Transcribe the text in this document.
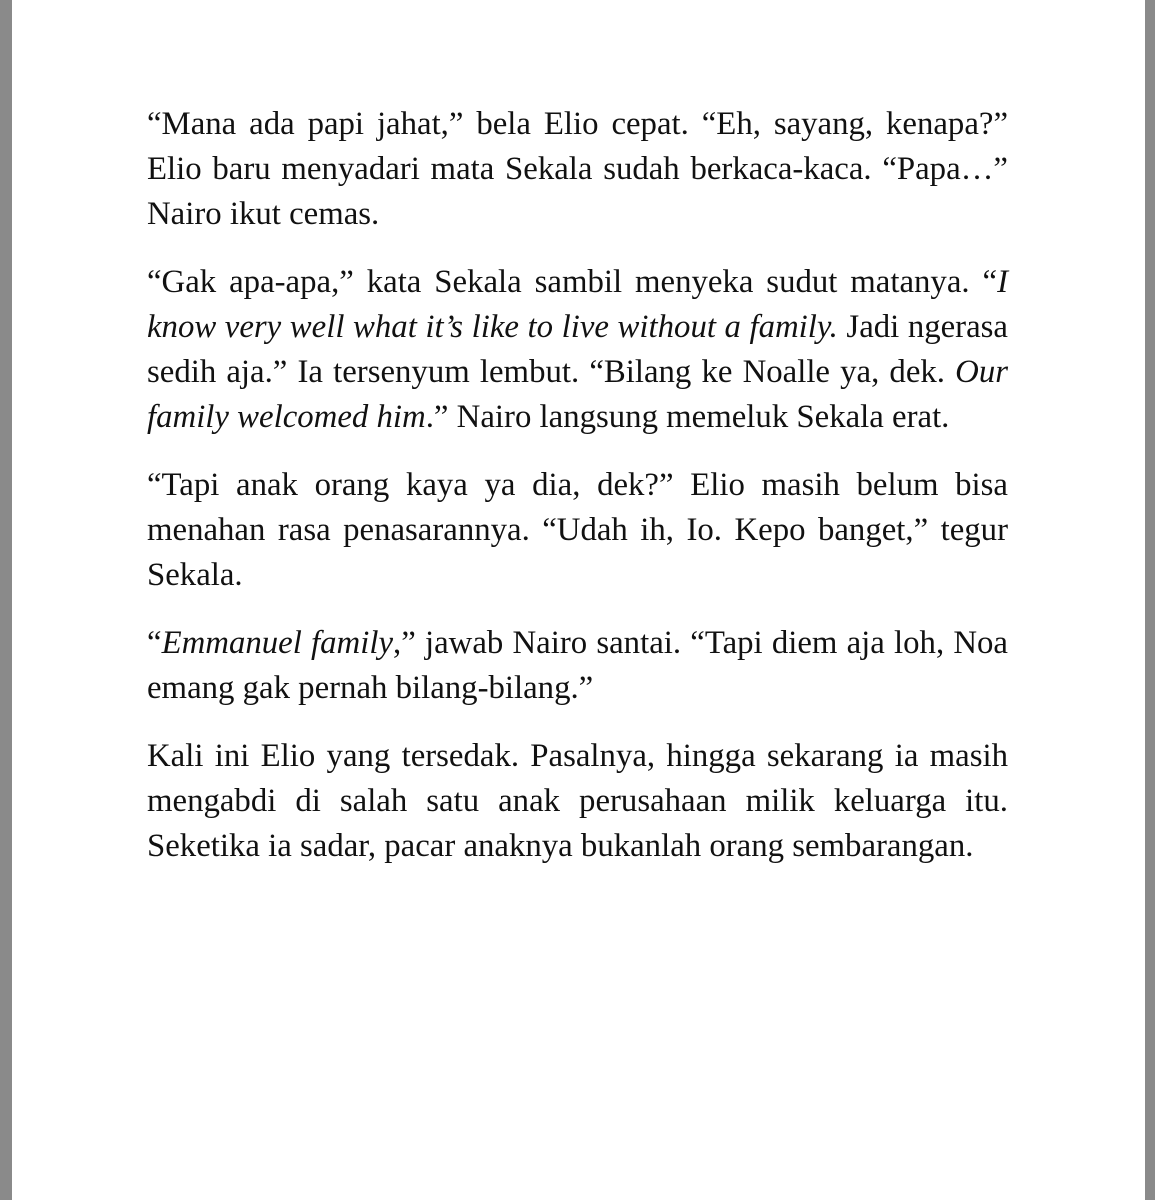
“Mana ada papi jahat,” bela Elio cepat. “Eh, sayang, kenapa?” Elio baru menyadari mata Sekala sudah berkaca-kaca. “Papa…” Nairo ikut cemas.

“Gak apa-apa,” kata Sekala sambil menyeka sudut matanya. “I know very well what it’s like to live without a family. Jadi ngerasa sedih aja.” Ia tersenyum lembut. “Bilang ke Noalle ya, dek. Our family welcomed him.” Nairo langsung memeluk Sekala erat.

“Tapi anak orang kaya ya dia, dek?” Elio masih belum bisa menahan rasa penasarannya. “Udah ih, Io. Kepo banget,” tegur Sekala.

“Emmanuel family,” jawab Nairo santai. “Tapi diem aja loh, Noa emang gak pernah bilang-bilang.”

Kali ini Elio yang tersedak. Pasalnya, hingga sekarang ia masih mengabdi di salah satu anak perusahaan milik keluarga itu. Seketika ia sadar, pacar anaknya bukanlah orang sembarangan.
